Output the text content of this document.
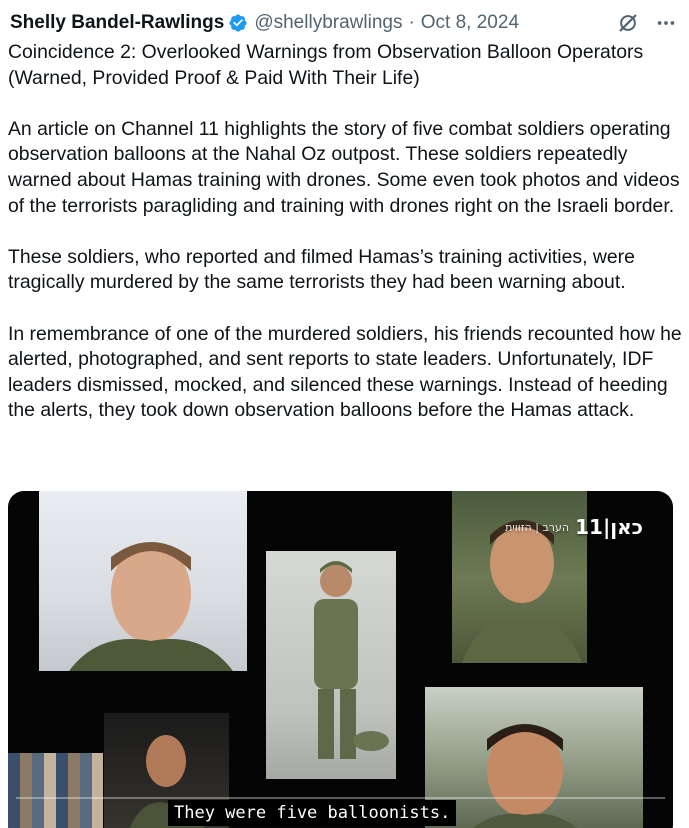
Shelly Bandel-Rawlings @shellybrawlings · Oct 8, 2024

Coincidence 2: Overlooked Warnings from Observation Balloon Operators (Warned, Provided Proof & Paid With Their Life)

An article on Channel 11 highlights the story of five combat soldiers operating observation balloons at the Nahal Oz outpost. These soldiers repeatedly warned about Hamas training with drones. Some even took photos and videos of the terrorists paragliding and training with drones right on the Israeli border.

These soldiers, who reported and filmed Hamas’s training activities, were tragically murdered by the same terrorists they had been warning about.

In remembrance of one of the murdered soldiers, his friends recounted how he alerted, photographed, and sent reports to state leaders. Unfortunately, IDF leaders dismissed, mocked, and silenced these warnings. Instead of heeding the alerts, they took down observation balloons before the Hamas attack.

הערב | הזווית כאן|11
They were five balloonists.
